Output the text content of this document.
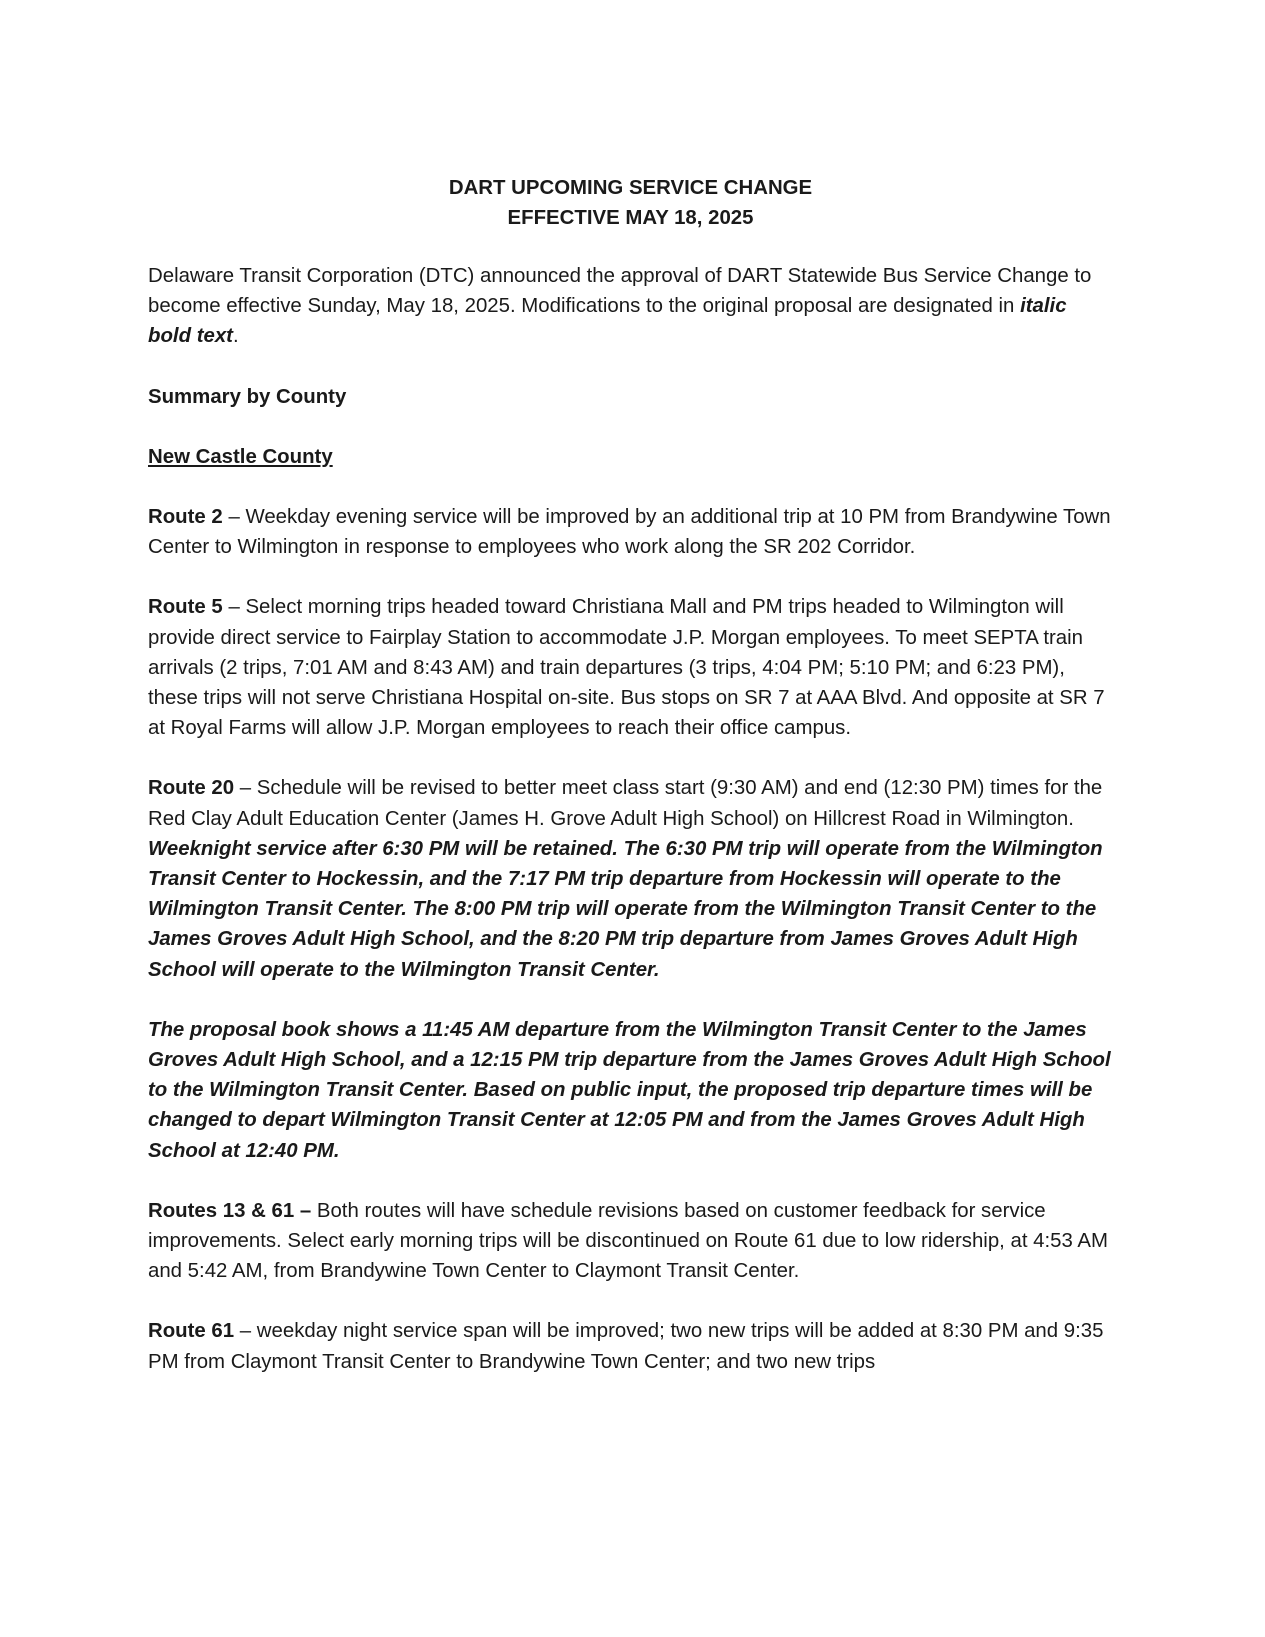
DART UPCOMING SERVICE CHANGE
EFFECTIVE MAY 18, 2025

Delaware Transit Corporation (DTC) announced the approval of DART Statewide Bus Service Change to become effective Sunday, May 18, 2025. Modifications to the original proposal are designated in italic bold text.

Summary by County

New Castle County

Route 2 – Weekday evening service will be improved by an additional trip at 10 PM from Brandywine Town Center to Wilmington in response to employees who work along the SR 202 Corridor.

Route 5 – Select morning trips headed toward Christiana Mall and PM trips headed to Wilmington will provide direct service to Fairplay Station to accommodate J.P. Morgan employees. To meet SEPTA train arrivals (2 trips, 7:01 AM and 8:43 AM) and train departures (3 trips, 4:04 PM; 5:10 PM; and 6:23 PM), these trips will not serve Christiana Hospital on-site. Bus stops on SR 7 at AAA Blvd. And opposite at SR 7 at Royal Farms will allow J.P. Morgan employees to reach their office campus.

Route 20 – Schedule will be revised to better meet class start (9:30 AM) and end (12:30 PM) times for the Red Clay Adult Education Center (James H. Grove Adult High School) on Hillcrest Road in Wilmington. Weeknight service after 6:30 PM will be retained. The 6:30 PM trip will operate from the Wilmington Transit Center to Hockessin, and the 7:17 PM trip departure from Hockessin will operate to the Wilmington Transit Center. The 8:00 PM trip will operate from the Wilmington Transit Center to the James Groves Adult High School, and the 8:20 PM trip departure from James Groves Adult High School will operate to the Wilmington Transit Center.

The proposal book shows a 11:45 AM departure from the Wilmington Transit Center to the James Groves Adult High School, and a 12:15 PM trip departure from the James Groves Adult High School to the Wilmington Transit Center. Based on public input, the proposed trip departure times will be changed to depart Wilmington Transit Center at 12:05 PM and from the James Groves Adult High School at 12:40 PM.

Routes 13 & 61 – Both routes will have schedule revisions based on customer feedback for service improvements. Select early morning trips will be discontinued on Route 61 due to low ridership, at 4:53 AM and 5:42 AM, from Brandywine Town Center to Claymont Transit Center.

Route 61 – weekday night service span will be improved; two new trips will be added at 8:30 PM and 9:35 PM from Claymont Transit Center to Brandywine Town Center; and two new trips
